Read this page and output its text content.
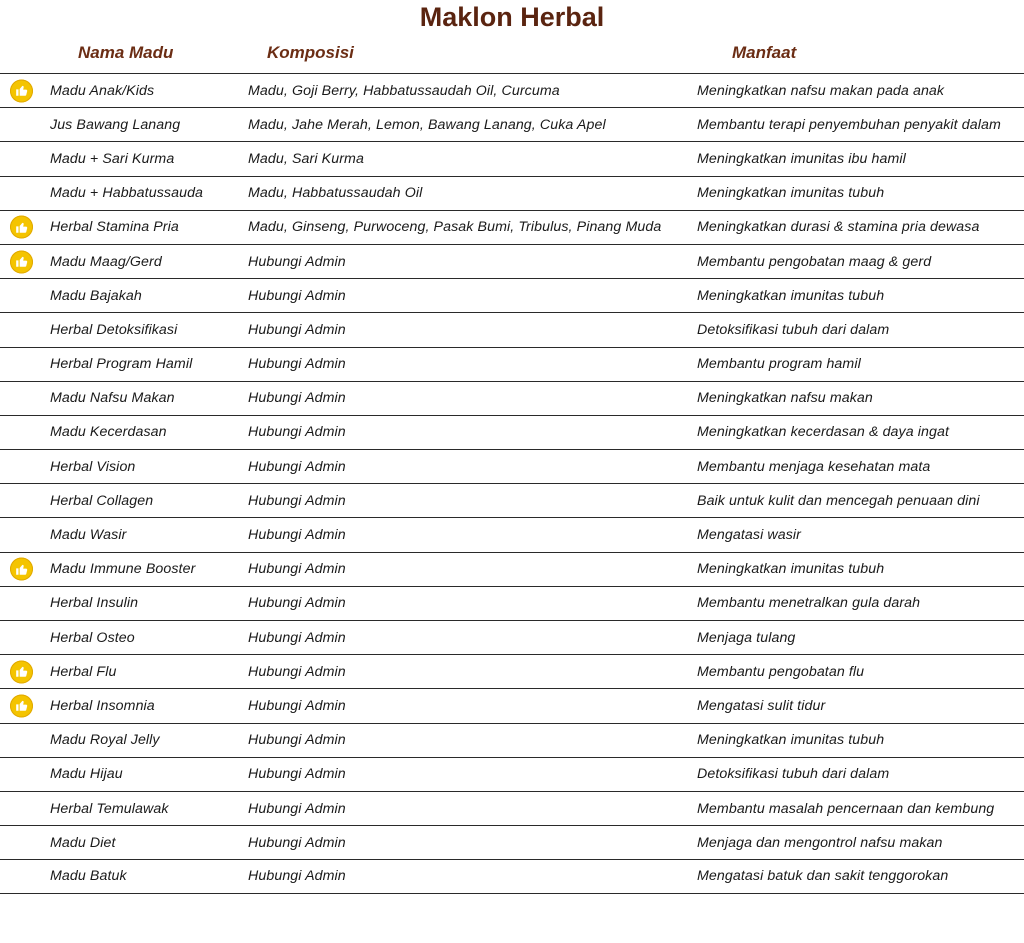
Maklon Herbal
Nama Madu	Komposisi	Manfaat
Madu Anak/Kids	Madu, Goji Berry, Habbatussaudah Oil, Curcuma	Meningkatkan nafsu makan pada anak
Jus Bawang Lanang	Madu, Jahe Merah, Lemon, Bawang Lanang, Cuka Apel	Membantu terapi penyembuhan penyakit dalam
Madu + Sari Kurma	Madu, Sari Kurma	Meningkatkan imunitas ibu hamil
Madu + Habbatussauda	Madu, Habbatussaudah Oil	Meningkatkan imunitas tubuh
Herbal Stamina Pria	Madu, Ginseng, Purwoceng, Pasak Bumi, Tribulus, Pinang Muda	Meningkatkan durasi & stamina pria dewasa
Madu Maag/Gerd	Hubungi Admin	Membantu pengobatan maag & gerd
Madu Bajakah	Hubungi Admin	Meningkatkan imunitas tubuh
Herbal Detoksifikasi	Hubungi Admin	Detoksifikasi tubuh dari dalam
Herbal Program Hamil	Hubungi Admin	Membantu program hamil
Madu Nafsu Makan	Hubungi Admin	Meningkatkan nafsu makan
Madu Kecerdasan	Hubungi Admin	Meningkatkan kecerdasan & daya ingat
Herbal Vision	Hubungi Admin	Membantu menjaga kesehatan mata
Herbal Collagen	Hubungi Admin	Baik untuk kulit dan mencegah penuaan dini
Madu Wasir	Hubungi Admin	Mengatasi wasir
Madu Immune Booster	Hubungi Admin	Meningkatkan imunitas tubuh
Herbal Insulin	Hubungi Admin	Membantu menetralkan gula darah
Herbal Osteo	Hubungi Admin	Menjaga tulang
Herbal Flu	Hubungi Admin	Membantu pengobatan flu
Herbal Insomnia	Hubungi Admin	Mengatasi sulit tidur
Madu Royal Jelly	Hubungi Admin	Meningkatkan imunitas tubuh
Madu Hijau	Hubungi Admin	Detoksifikasi tubuh dari dalam
Herbal Temulawak	Hubungi Admin	Membantu masalah pencernaan dan kembung
Madu Diet	Hubungi Admin	Menjaga dan mengontrol nafsu makan
Madu Batuk	Hubungi Admin	Mengatasi batuk dan sakit tenggorokan
